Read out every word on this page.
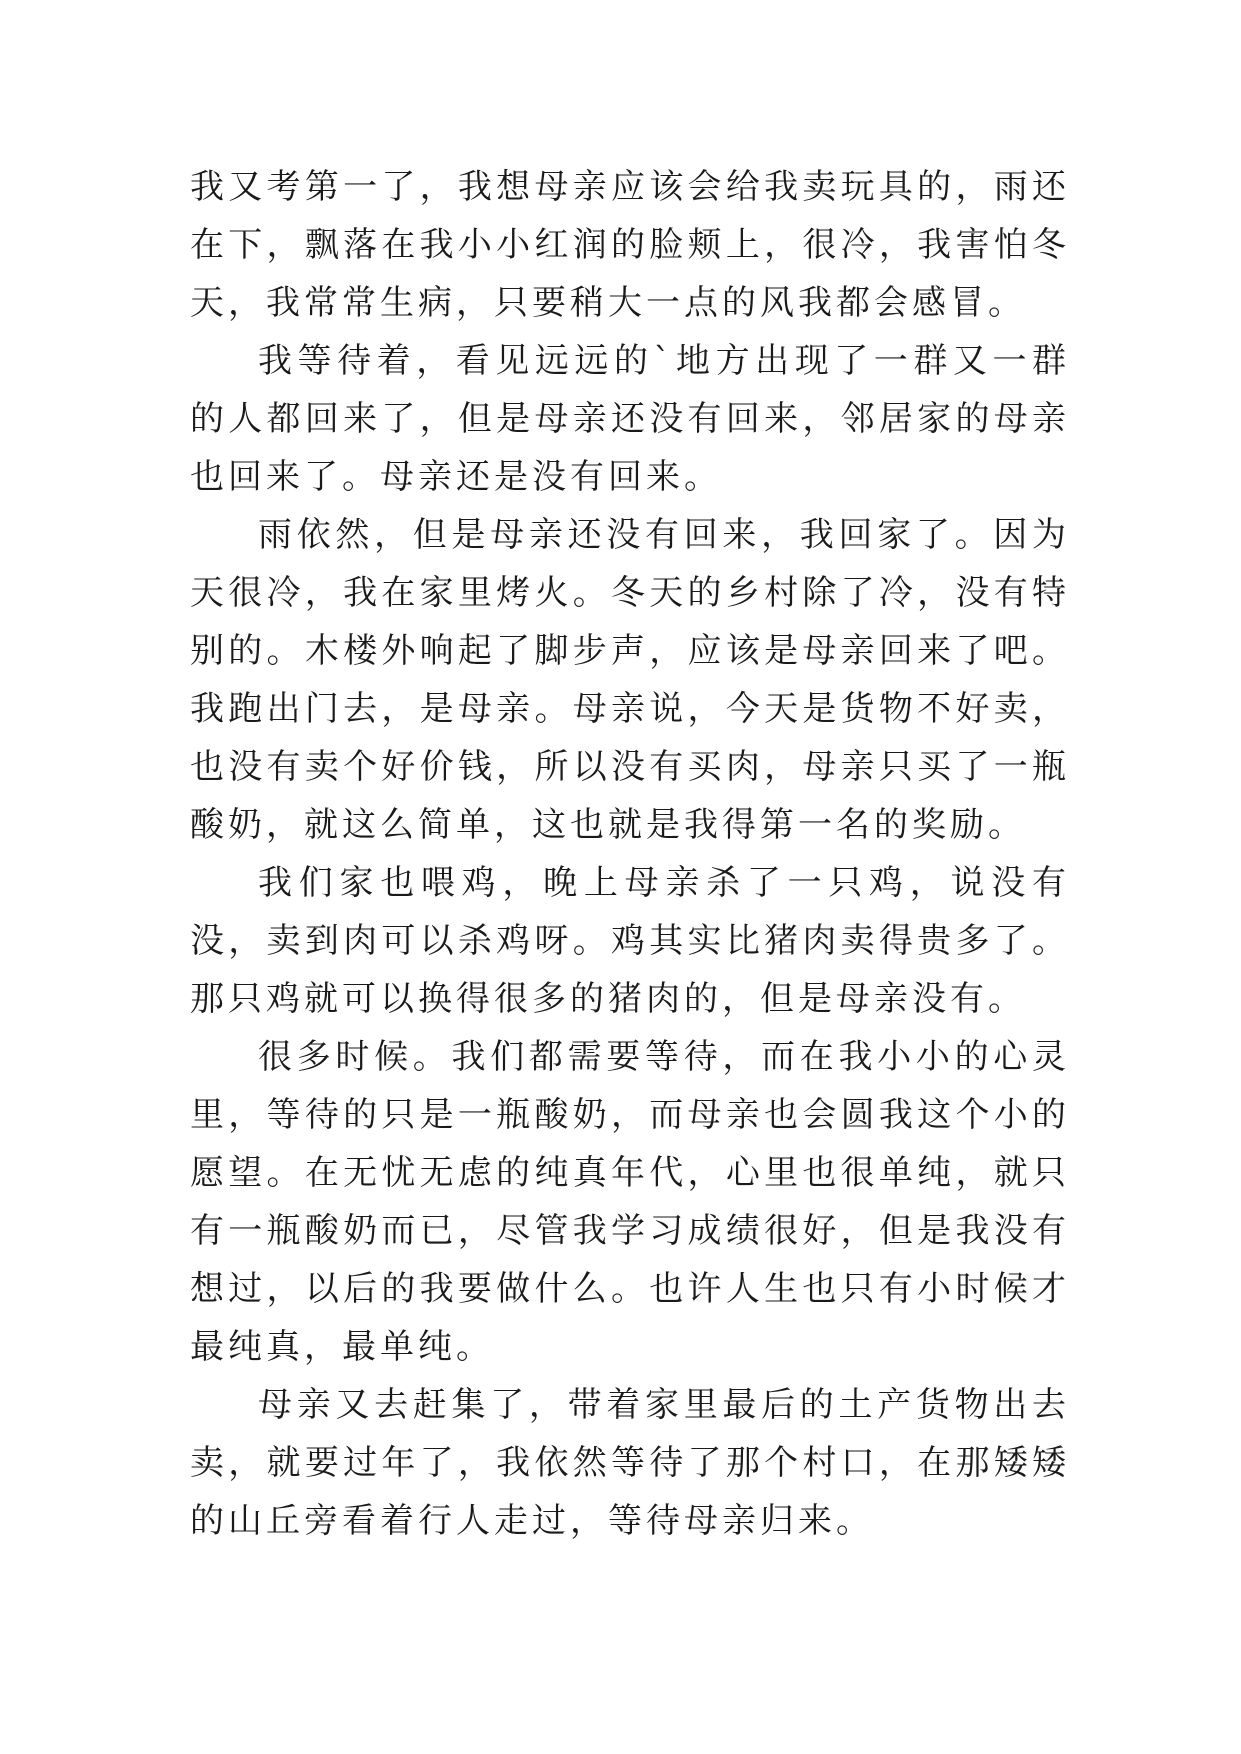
我又考第一了，我想母亲应该会给我卖玩具的，雨还在下，飘落在我小小红润的脸颊上，很冷，我害怕冬天，我常常生病，只要稍大一点的风我都会感冒。

我等待着，看见远远的`地方出现了一群又一群的人都回来了，但是母亲还没有回来，邻居家的母亲也回来了。母亲还是没有回来。

雨依然，但是母亲还没有回来，我回家了。因为天很冷，我在家里烤火。冬天的乡村除了冷，没有特别的。木楼外响起了脚步声，应该是母亲回来了吧。我跑出门去，是母亲。母亲说，今天是货物不好卖，也没有卖个好价钱，所以没有买肉，母亲只买了一瓶酸奶，就这么简单，这也就是我得第一名的奖励。

我们家也喂鸡，晚上母亲杀了一只鸡，说没有没，卖到肉可以杀鸡呀。鸡其实比猪肉卖得贵多了。那只鸡就可以换得很多的猪肉的，但是母亲没有。

很多时候。我们都需要等待，而在我小小的心灵里，等待的只是一瓶酸奶，而母亲也会圆我这个小的愿望。在无忧无虑的纯真年代，心里也很单纯，就只有一瓶酸奶而已，尽管我学习成绩很好，但是我没有想过，以后的我要做什么。也许人生也只有小时候才最纯真，最单纯。

母亲又去赶集了，带着家里最后的土产货物出去卖，就要过年了，我依然等待了那个村口，在那矮矮的山丘旁看着行人走过，等待母亲归来。
